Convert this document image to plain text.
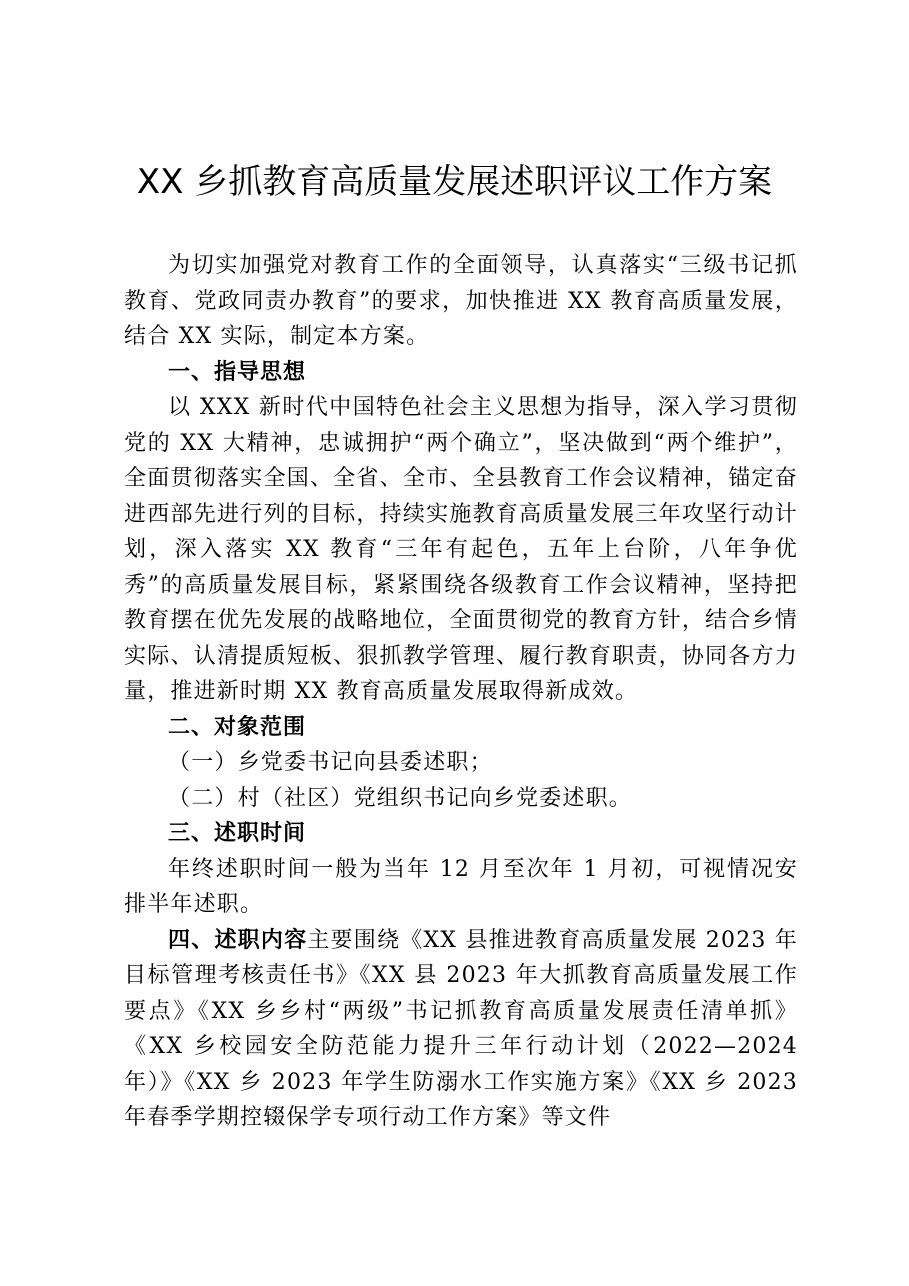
XX 乡抓教育高质量发展述职评议工作方案

为切实加强党对教育工作的全面领导，认真落实“三级书记抓教育、党政同责办教育”的要求，加快推进 XX 教育高质量发展，结合 XX 实际，制定本方案。

一、指导思想

以 XXX 新时代中国特色社会主义思想为指导，深入学习贯彻党的 XX 大精神，忠诚拥护“两个确立”，坚决做到“两个维护”，全面贯彻落实全国、全省、全市、全县教育工作会议精神，锚定奋进西部先进行列的目标，持续实施教育高质量发展三年攻坚行动计划，深入落实 XX 教育“三年有起色，五年上台阶，八年争优秀”的高质量发展目标，紧紧围绕各级教育工作会议精神，坚持把教育摆在优先发展的战略地位，全面贯彻党的教育方针，结合乡情实际、认清提质短板、狠抓教学管理、履行教育职责，协同各方力量，推进新时期 XX 教育高质量发展取得新成效。

二、对象范围

（一）乡党委书记向县委述职；

（二）村（社区）党组织书记向乡党委述职。

三、述职时间

年终述职时间一般为当年 12 月至次年 1 月初，可视情况安排半年述职。

四、述职内容主要围绕《XX 县推进教育高质量发展 2023 年目标管理考核责任书》《XX 县 2023 年大抓教育高质量发展工作要点》《XX 乡乡村“两级”书记抓教育高质量发展责任清单抓》《XX 乡校园安全防范能力提升三年行动计划（2022—2024 年）》《XX 乡 2023 年学生防溺水工作实施方案》《XX 乡 2023 年春季学期控辍保学专项行动工作方案》等文件
